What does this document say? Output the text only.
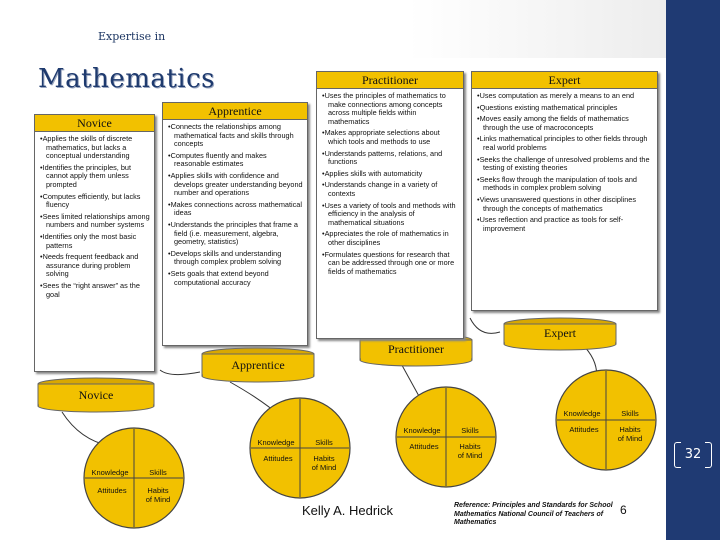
Expertise in
32
Mathematics
Novice
Apprentice
Practitioner
Expert
Knowledge	Skills
Attitudes	Habits
of Mind
Knowledge	Skills
Attitudes	Habits
of Mind
Knowledge	Skills
Attitudes	Habits
of Mind
Knowledge	Skills
Attitudes	Habits
of Mind
Novice
• Applies the skills of discrete mathematics, but lacks a conceptual understanding
• Identifies the principles, but cannot apply them unless prompted
• Computes efficiently, but lacks fluency
• Sees limited relationships among numbers and number systems
• Identifies only the most basic patterns
• Needs frequent feedback and assurance during problem solving
• Sees the “right answer” as the goal
Apprentice
• Connects the relationships among mathematical facts and skills through concepts
• Computes fluently and makes reasonable estimates
• Applies skills with confidence and develops greater understanding beyond number and operations
• Makes connections across mathematical ideas
• Understands the principles that frame a field (i.e. measurement, algebra, geometry, statistics)
• Develops skills and understanding through complex problem solving
• Sets goals that extend beyond computational accuracy
Practitioner
• Uses the principles of mathematics to make connections among concepts across multiple fields within mathematics
• Makes appropriate selections about which tools and methods to use
• Understands patterns, relations, and functions
• Applies skills with automaticity
• Understands change in a variety of contexts
• Uses a variety of tools and methods with efficiency in the analysis of mathematical situations
• Appreciates the role of mathematics in other disciplines
• Formulates questions for research that can be addressed through one or more fields of mathematics
Expert
• Uses computation as merely a means to an end
• Questions existing mathematical principles
• Moves easily among the fields of mathematics through the use of macroconcepts
• Links mathematical principles to other fields through real world problems
• Seeks the challenge of unresolved problems and the testing of existing theories
• Seeks flow through the manipulation of tools and methods in complex problem solving
• Views unanswered questions in other disciplines through the concepts of mathematics
• Uses reflection and practice as tools for self-improvement
Kelly A. Hedrick	Reference: Principles and Standards for School Mathematics National Council of Teachers of Mathematics
6
